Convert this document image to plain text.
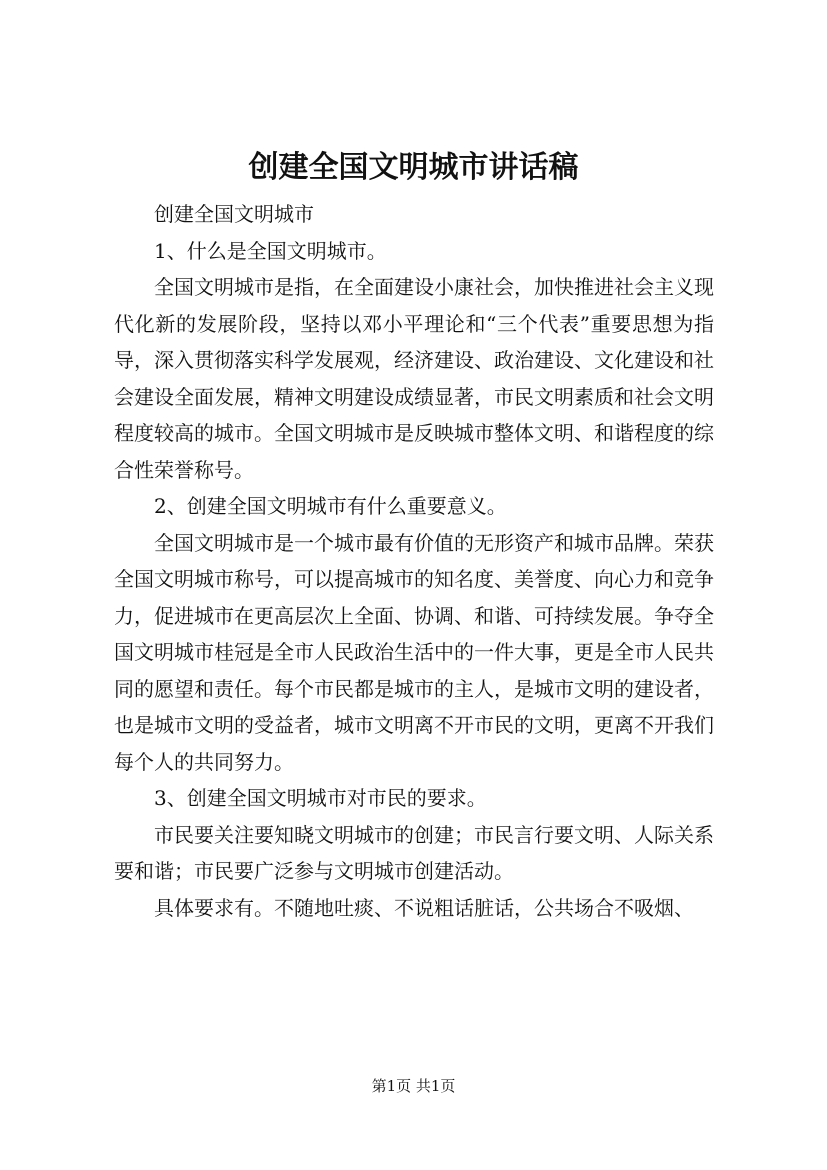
创建全国文明城市讲话稿

创建全国文明城市

1、什么是全国文明城市。

全国文明城市是指，在全面建设小康社会，加快推进社会主义现代化新的发展阶段，坚持以邓小平理论和“三个代表”重要思想为指导，深入贯彻落实科学发展观，经济建设、政治建设、文化建设和社会建设全面发展，精神文明建设成绩显著，市民文明素质和社会文明程度较高的城市。全国文明城市是反映城市整体文明、和谐程度的综合性荣誉称号。

2、创建全国文明城市有什么重要意义。

全国文明城市是一个城市最有价值的无形资产和城市品牌。荣获全国文明城市称号，可以提高城市的知名度、美誉度、向心力和竞争力，促进城市在更高层次上全面、协调、和谐、可持续发展。争夺全国文明城市桂冠是全市人民政治生活中的一件大事，更是全市人民共同的愿望和责任。每个市民都是城市的主人，是城市文明的建设者，也是城市文明的受益者，城市文明离不开市民的文明，更离不开我们每个人的共同努力。

3、创建全国文明城市对市民的要求。

市民要关注要知晓文明城市的创建；市民言行要文明、人际关系要和谐；市民要广泛参与文明城市创建活动。

具体要求有。不随地吐痰、不说粗话脏话，公共场合不吸烟、

第1页 共1页
